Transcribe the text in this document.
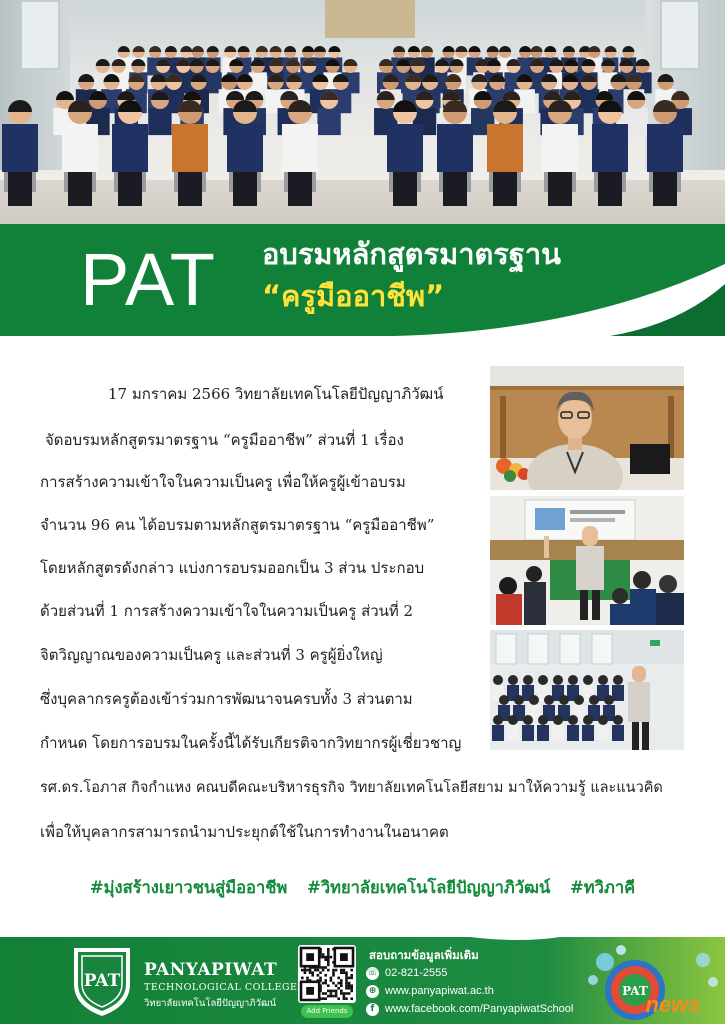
PAT	อบรมหลักสูตรมาตรฐาน
“ครูมืออาชีพ”
17 มกราคม 2566 วิทยาลัยเทคโนโลยีปัญญาภิวัฒน์
จัดอบรมหลักสูตรมาตรฐาน “ครูมืออาชีพ” ส่วนที่ 1 เรื่อง
การสร้างความเข้าใจในความเป็นครู เพื่อให้ครูผู้เข้าอบรม
จำนวน 96 คน ได้อบรมตามหลักสูตรมาตรฐาน “ครูมืออาชีพ”
โดยหลักสูตรดังกล่าว แบ่งการอบรมออกเป็น 3 ส่วน ประกอบ
ด้วยส่วนที่ 1 การสร้างความเข้าใจในความเป็นครู ส่วนที่ 2
จิตวิญญาณของความเป็นครู และส่วนที่ 3 ครูผู้ยิ่งใหญ่
ซึ่งบุคลากรครูต้องเข้าร่วมการพัฒนาจนครบทั้ง 3 ส่วนตาม
กำหนด โดยการอบรมในครั้งนี้ได้รับเกียรติจากวิทยากรผู้เชี่ยวชาญ
รศ.ดร.โอภาส กิจกำแหง คณบดีคณะบริหารธุรกิจ วิทยาลัยเทคโนโลยีสยาม มาให้ความรู้ และแนวคิด
เพื่อให้บุคลากรสามารถนำมาประยุกต์ใช้ในการทำงานในอนาคต
#มุ่งสร้างเยาวชนสู่มืออาชีพ #วิทยาลัยเทคโนโลยีปัญญาภิวัฒน์ #ทวิภาคี
PAT
PANYAPIWAT
TECHNOLOGICAL COLLEGE
วิทยาลัยเทคโนโลยีปัญญาภิวัฒน์
Add Friends
สอบถามข้อมูลเพิ่มเติม
☏ 02-821-2555
⊕ www.panyapiwat.ac.th
f www.facebook.com/PanyapiwatSchool
PAT
news
